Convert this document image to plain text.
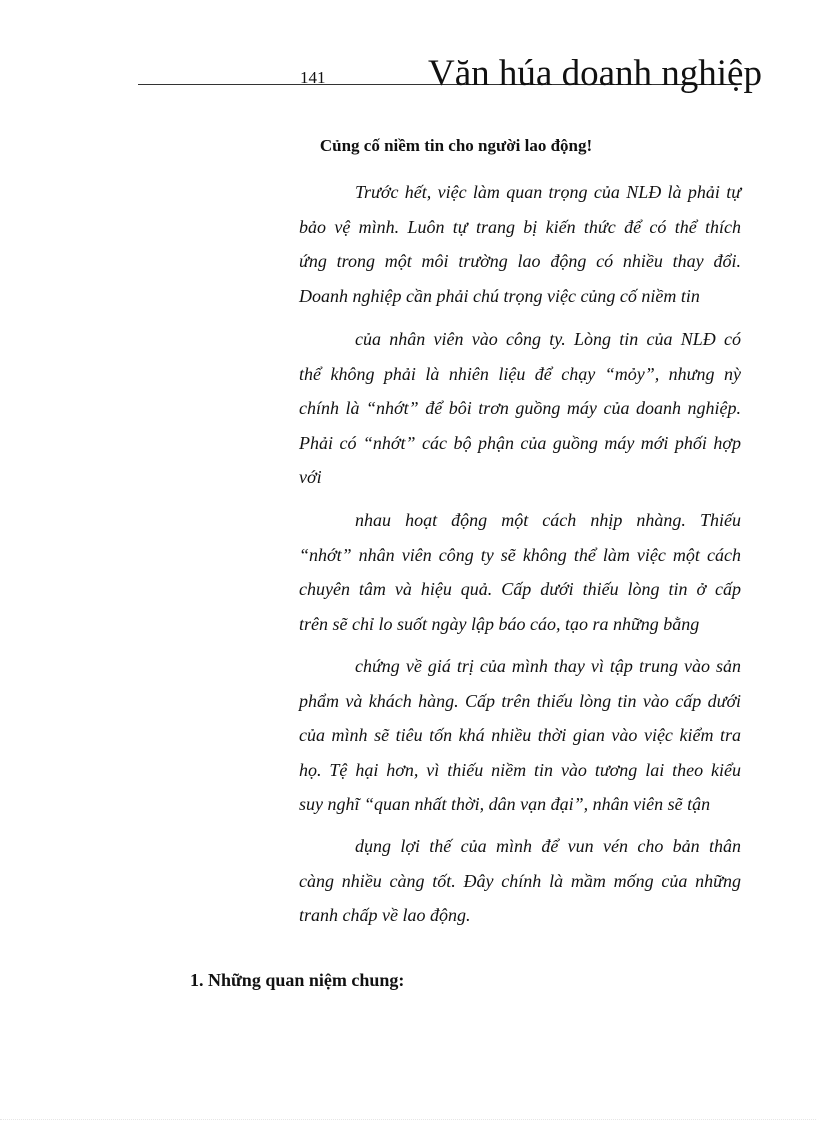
141	Văn húa doanh nghiệp
Củng cố niềm tin cho người lao động!
Trước hết, việc làm quan trọng của NLĐ là phải tự
bảo vệ mình. Luôn tự trang bị kiến thức để có thể thích
ứng trong một môi trường lao động có nhiều thay đổi.
Doanh nghiệp cần phải chú trọng việc củng cố niềm tin
của nhân viên vào công ty. Lòng tin của NLĐ có
thể không phải là nhiên liệu để chạy “mỏy”, nhưng nỳ
chính là “nhớt” để bôi trơn guồng máy của doanh nghiệp.
Phải có “nhớt” các bộ phận của guồng máy mới phối hợp
với
nhau hoạt động một cách nhịp nhàng. Thiếu
“nhớt” nhân viên công ty sẽ không thể làm việc một cách
chuyên tâm và hiệu quả. Cấp dưới thiếu lòng tin ở cấp
trên sẽ chỉ lo suốt ngày lập báo cáo, tạo ra những bằng
chứng về giá trị của mình thay vì tập trung vào sản
phẩm và khách hàng. Cấp trên thiếu lòng tin vào cấp dưới
của mình sẽ tiêu tốn khá nhiều thời gian vào việc kiểm tra
họ. Tệ hại hơn, vì thiếu niềm tin vào tương lai theo kiểu
suy nghĩ “quan nhất thời, dân vạn đại”, nhân viên sẽ tận
dụng lợi thế của mình để vun vén cho bản thân
càng nhiều càng tốt. Đây chính là mầm mống của những
tranh chấp về lao động.
1. Những quan niệm chung:
